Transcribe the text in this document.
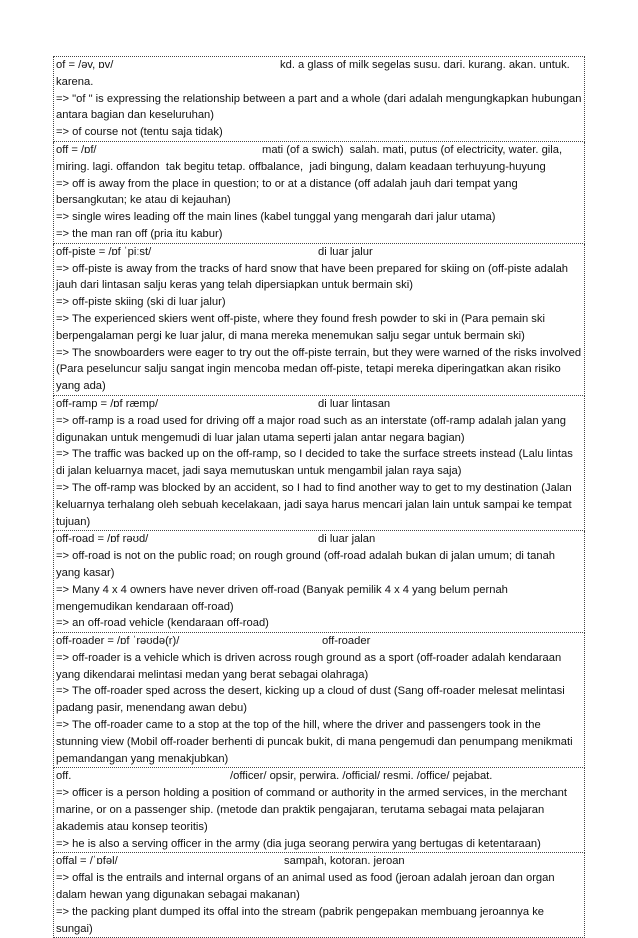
of = /əv, ɒv/	kd. a glass of milk segelas susu. dari. kurang. akan. untuk. karena.
=> "of " is expressing the relationship between a part and a whole (dari adalah mengungkapkan hubungan antara bagian dan keseluruhan)
=> of course not (tentu saja tidak)
off = /ɒf/	mati (of a swich)  salah. mati, putus (of electricity, water. gila, miring. lagi. offandon  tak begitu tetap. offbalance,  jadi bingung, dalam keadaan terhuyung-huyung
=> off is away from the place in question; to or at a distance (off adalah jauh dari tempat yang bersangkutan; ke atau di kejauhan)
=> single wires leading off the main lines (kabel tunggal yang mengarah dari jalur utama)
=> the man ran off (pria itu kabur)
off-piste = /ɒf ˈpiːst/	di luar jalur
=> off-piste is away from the tracks of hard snow that have been prepared for skiing on (off-piste adalah jauh dari lintasan salju keras yang telah dipersiapkan untuk bermain ski)
=> off-piste skiing (ski di luar jalur)
=> The experienced skiers went off-piste, where they found fresh powder to ski in (Para pemain ski berpengalaman pergi ke luar jalur, di mana mereka menemukan salju segar untuk bermain ski)
=> The snowboarders were eager to try out the off-piste terrain, but they were warned of the risks involved (Para peseluncur salju sangat ingin mencoba medan off-piste, tetapi mereka diperingatkan akan risiko yang ada)
off-ramp = /ɒf ræmp/	di luar lintasan
=> off-ramp is a road used for driving off a major road such as an interstate (off-ramp adalah jalan yang digunakan untuk mengemudi di luar jalan utama seperti jalan antar negara bagian)
=> The traffic was backed up on the off-ramp, so I decided to take the surface streets instead (Lalu lintas di jalan keluarnya macet, jadi saya memutuskan untuk mengambil jalan raya saja)
=> The off-ramp was blocked by an accident, so I had to find another way to get to my destination (Jalan keluarnya terhalang oleh sebuah kecelakaan, jadi saya harus mencari jalan lain untuk sampai ke tempat tujuan)
off-road = /ɒf rəʊd/	di luar jalan
=> off-road is not on the public road; on rough ground (off-road adalah bukan di jalan umum; di tanah yang kasar)
=> Many 4 x 4 owners have never driven off-road (Banyak pemilik 4 x 4 yang belum pernah mengemudikan kendaraan off-road)
=> an off-road vehicle (kendaraan off-road)
off-roader = /ɒf ˈrəʊdə(r)/	off-roader
=> off-roader is a vehicle which is driven across rough ground as a sport (off-roader adalah kendaraan yang dikendarai melintasi medan yang berat sebagai olahraga)
=> The off-roader sped across the desert, kicking up a cloud of dust (Sang off-roader melesat melintasi padang pasir, menendang awan debu)
=> The off-roader came to a stop at the top of the hill, where the driver and passengers took in the stunning view (Mobil off-roader berhenti di puncak bukit, di mana pengemudi dan penumpang menikmati pemandangan yang menakjubkan)
off.	/officer/ opsir, perwira. /official/ resmi. /office/ pejabat.
=> officer is a person holding a position of command or authority in the armed services, in the merchant marine, or on a passenger ship. (metode dan praktik pengajaran, terutama sebagai mata pelajaran akademis atau konsep teoritis)
=> he is also a serving officer in the army (dia juga seorang perwira yang bertugas di ketentaraan)
offal = /ˈɒfəl/	sampah, kotoran. jeroan
=> offal is the entrails and internal organs of an animal used as food (jeroan adalah jeroan dan organ dalam hewan yang digunakan sebagai makanan)
=> the packing plant dumped its offal into the stream (pabrik pengepakan membuang jeroannya ke sungai)
